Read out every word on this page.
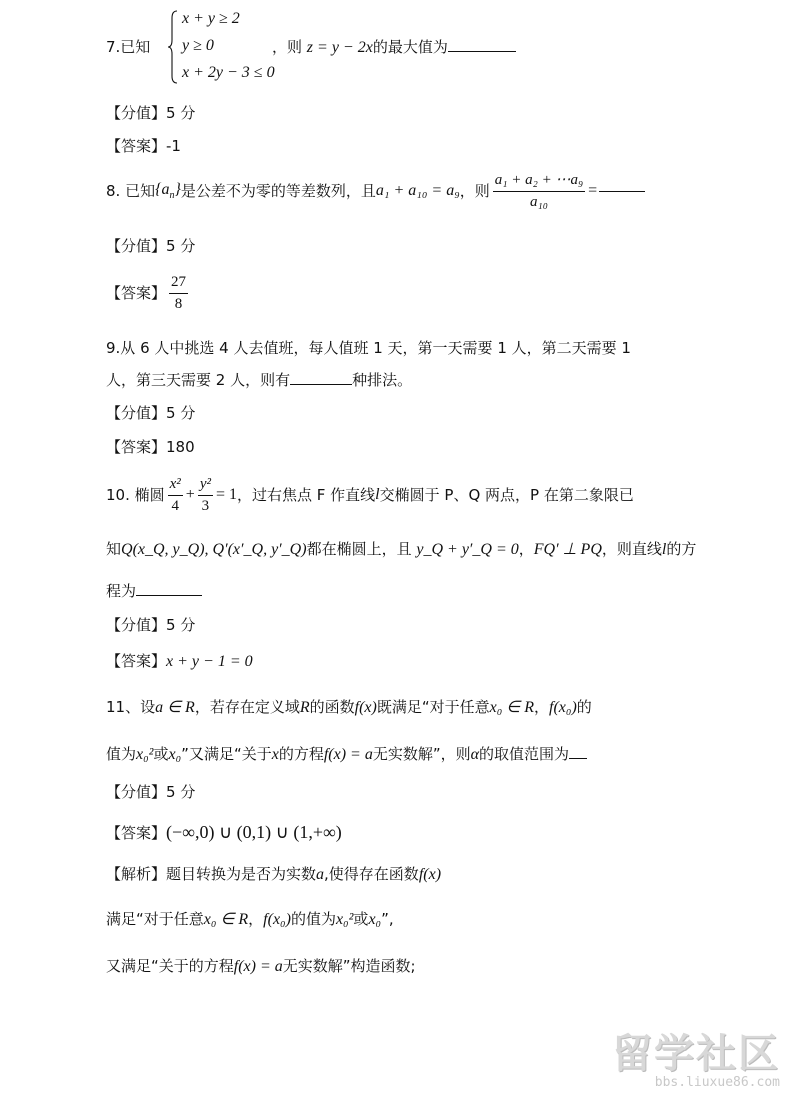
7.已知
x + y ≥ 2
y ≥ 0
x + 2y − 3 ≤ 0
，则 z = y − 2x的最大值为
【分值】5 分
【答案】-1
8. 已知 $\{a_n\}$ 是公差不为零的等差数列，且 a₁ + a₁₀ = a₉ ，则 $\frac{\text{a₁ + a₂ + ⋯a₉}}{\text{a₁₀}}$ =
【分值】5 分
【答案】 $\frac{27}{8}$
9.从 6 人中挑选 4 人去值班，每人值班 1 天，第一天需要 1 人，第二天需要 1
人，第三天需要 2 人，则有	种排法。
【分值】5 分
【答案】180
10. 椭圆 $\frac{\text{x²}}{4} + \frac{\text{y²}}{3} = 1$ ，过右焦点 F 作直线 l 交椭圆于 P、Q 两点，P 在第二象限已
知Q(x_Q, y_Q), Q′(x′_Q, y′_Q)都在椭圆上，且 y_Q + y′_Q = 0，FQ′ ⊥ PQ，则直线l的方
程为
【分值】5 分
【答案】x + y − 1 = 0
11、设a ∈ R，若存在定义域R的函数f(x)既满足“对于任意x₀ ∈ R，f(x₀)的
值为x₀²或x₀”又满足“关于x的方程f(x) = a无实数解”，则α的取值范围为
【分值】5 分
【答案】(−∞,0) ∪ (0,1) ∪ (1,+∞)
【解析】题目转换为是否为实数a,使得存在函数f(x)
满足“对于任意x₀ ∈ R，f(x₀)的值为x₀²或x₀”,
又满足“关于的方程f(x) = a无实数解”构造函数;
留学社区
bbs.liuxue86.com
